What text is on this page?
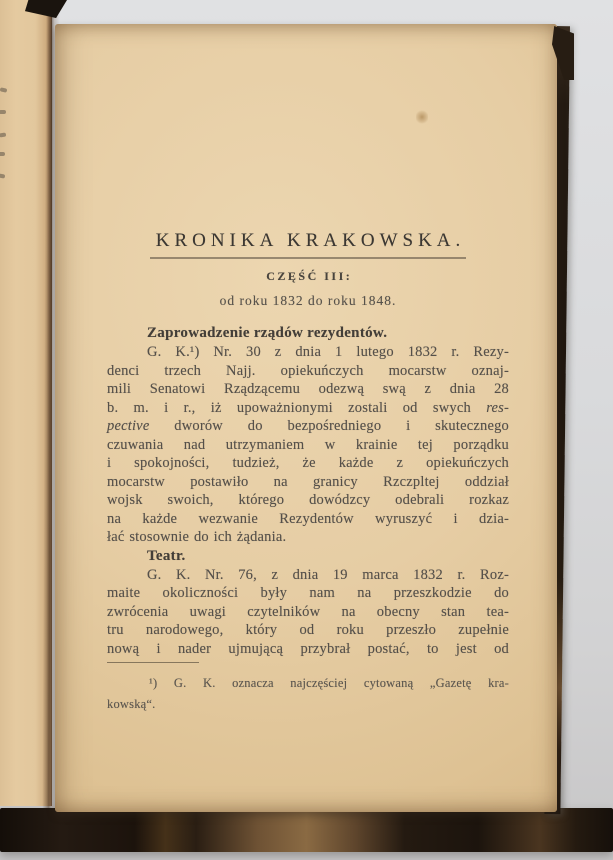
KRONIKA KRAKOWSKA.
CZĘŚĆ III:
od roku 1832 do roku 1848.
Zaprowadzenie rządów rezydentów.
G. K.¹) Nr. 30 z dnia 1 lutego 1832 r. Rezy-
denci trzech Najj. opiekuńczych mocarstw oznaj-
mili Senatowi Rządzącemu odezwą swą z dnia 28
b. m. i r., iż upoważnionymi zostali od swych res-
pective dworów do bezpośredniego i skutecznego
czuwania nad utrzymaniem w krainie tej porządku
i spokojności, tudzież, że każde z opiekuńczych
mocarstw postawiło na granicy Rzczpltej oddział
wojsk swoich, którego dowódzcy odebrali rozkaz
na każde wezwanie Rezydentów wyruszyć i dzia-
łać stosownie do ich żądania.
Teatr.
G. K. Nr. 76, z dnia 19 marca 1832 r. Roz-
maite okoliczności były nam na przeszkodzie do
zwrócenia uwagi czytelników na obecny stan tea-
tru narodowego, który od roku przeszło zupełnie
nową i nader ujmującą przybrał postać, to jest od
¹) G. K. oznacza najczęściej cytowaną „Gazetę kra-
kowską“.
